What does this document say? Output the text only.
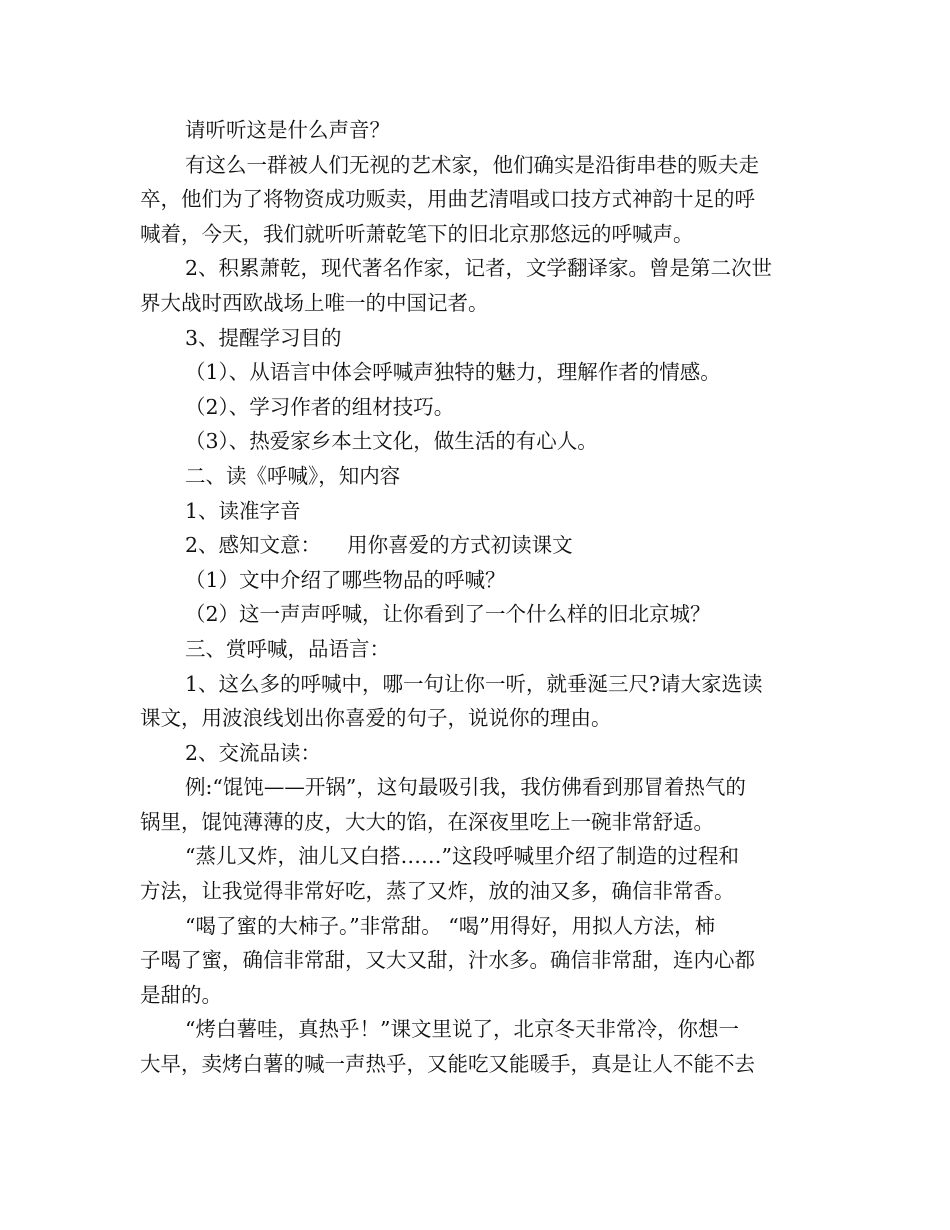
请听听这是什么声音？
有这么一群被人们无视的艺术家，他们确实是沿街串巷的贩夫走
卒，他们为了将物资成功贩卖，用曲艺清唱或口技方式神韵十足的呼
喊着，今天，我们就听听萧乾笔下的旧北京那悠远的呼喊声。
2、积累萧乾，现代著名作家，记者，文学翻译家。曾是第二次世
界大战时西欧战场上唯一的中国记者。
3、提醒学习目的
（1）、从语言中体会呼喊声独特的魅力，理解作者的情感。
（2）、学习作者的组材技巧。
（3）、热爱家乡本土文化，做生活的有心人。
二、读《呼喊》，知内容
1、读准字音
2、感知文意：    用你喜爱的方式初读课文
（1）文中介绍了哪些物品的呼喊？
（2）这一声声呼喊，让你看到了一个什么样的旧北京城？
三、赏呼喊，品语言：
1、这么多的呼喊中，哪一句让你一听，就垂涎三尺?请大家选读
课文，用波浪线划出你喜爱的句子，说说你的理由。
2、交流品读：
例:“馄饨——开锅”，这句最吸引我，我仿佛看到那冒着热气的
锅里，馄饨薄薄的皮，大大的馅，在深夜里吃上一碗非常舒适。
“蒸儿又炸，油儿又白搭……”这段呼喊里介绍了制造的过程和
方法，让我觉得非常好吃，蒸了又炸，放的油又多，确信非常香。
“喝了蜜的大柿子。”非常甜。 “喝”用得好，用拟人方法，柿
子喝了蜜，确信非常甜，又大又甜，汁水多。确信非常甜，连内心都
是甜的。
“烤白薯哇，真热乎！”课文里说了，北京冬天非常冷，你想一
大早，卖烤白薯的喊一声热乎，又能吃又能暖手，真是让人不能不去
